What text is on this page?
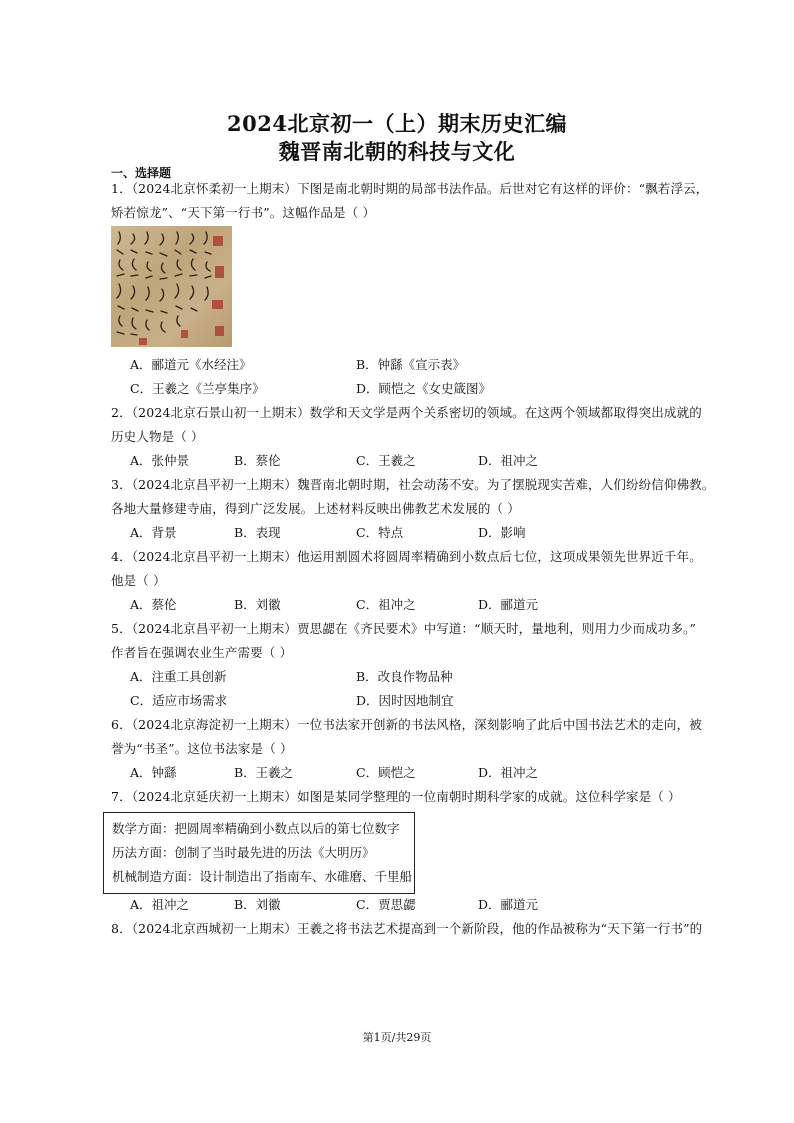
2024北京初一（上）期末历史汇编
魏晋南北朝的科技与文化
一、选择题
1．（2024北京怀柔初一上期末）下图是南北朝时期的局部书法作品。后世对它有这样的评价：“飘若浮云，
矫若惊龙”、“天下第一行书”。这幅作品是（ ）
A．郦道元《水经注》	B．钟繇《宣示表》
C．王羲之《兰亭集序》	D．顾恺之《女史箴图》
2．（2024北京石景山初一上期末）数学和天文学是两个关系密切的领域。在这两个领域都取得突出成就的
历史人物是（ ）
A．张仲景	B．蔡伦	C．王羲之	D．祖冲之
3．（2024北京昌平初一上期末）魏晋南北朝时期，社会动荡不安。为了摆脱现实苦难，人们纷纷信仰佛教。
各地大量修建寺庙，得到广泛发展。上述材料反映出佛教艺术发展的（ ）
A．背景	B．表现	C．特点	D．影响
4．（2024北京昌平初一上期末）他运用割圆术将圆周率精确到小数点后七位，这项成果领先世界近千年。
他是（ ）
A．蔡伦	B．刘徽	C．祖冲之	D．郦道元
5．（2024北京昌平初一上期末）贾思勰在《齐民要术》中写道：“顺天时，量地利，则用力少而成功多。”
作者旨在强调农业生产需要（ ）
A．注重工具创新	B．改良作物品种
C．适应市场需求	D．因时因地制宜
6．（2024北京海淀初一上期末）一位书法家开创新的书法风格，深刻影响了此后中国书法艺术的走向，被
誉为“书圣”。这位书法家是（ ）
A．钟繇	B．王羲之	C．顾恺之	D．祖冲之
7．（2024北京延庆初一上期末）如图是某同学整理的一位南朝时期科学家的成就。这位科学家是（ ）
数学方面：把圆周率精确到小数点以后的第七位数字
历法方面：创制了当时最先进的历法《大明历》
机械制造方面：设计制造出了指南车、水碓磨、千里船
A．祖冲之	B．刘徽	C．贾思勰	D．郦道元
8．（2024北京西城初一上期末）王羲之将书法艺术提高到一个新阶段，他的作品被称为“天下第一行书”的
第1页/共29页
